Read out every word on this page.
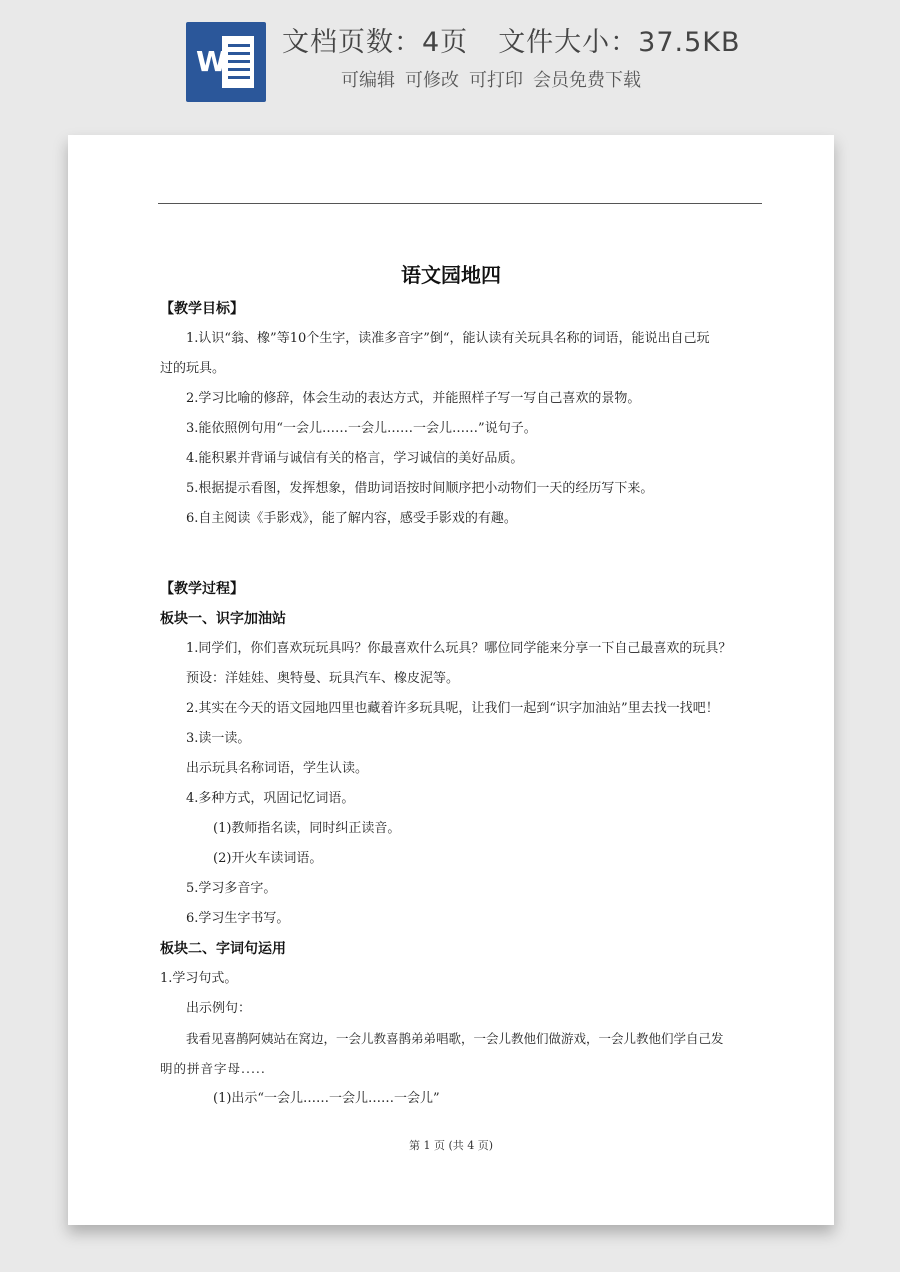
W
文档页数：4页 文件大小：37.5KB
可编辑 可修改 可打印 会员免费下载
语文园地四
【教学目标】
1.认识“翁、橡”等10个生字，读准多音字”倒“，能认读有关玩具名称的词语，能说出自己玩
过的玩具。
2.学习比喻的修辞，体会生动的表达方式，并能照样子写一写自己喜欢的景物。
3.能依照例句用“一会儿……一会儿……一会儿……”说句子。
4.能积累并背诵与诚信有关的格言，学习诚信的美好品质。
5.根据提示看图，发挥想象，借助词语按时间顺序把小动物们一天的经历写下来。
6.自主阅读《手影戏》，能了解内容，感受手影戏的有趣。
【教学过程】
板块一、识字加油站
1.同学们，你们喜欢玩玩具吗？你最喜欢什么玩具？哪位同学能来分享一下自己最喜欢的玩具？
预设：洋娃娃、奥特曼、玩具汽车、橡皮泥等。
2.其实在今天的语文园地四里也藏着许多玩具呢，让我们一起到“识字加油站”里去找一找吧！
3.读一读。
出示玩具名称词语，学生认读。
4.多种方式，巩固记忆词语。
(1)教师指名读，同时纠正读音。
(2)开火车读词语。
5.学习多音字。
6.学习生字书写。
板块二、字词句运用
1.学习句式。
出示例句：
我看见喜鹊阿姨站在窝边，一会儿教喜鹊弟弟唱歌，一会儿教他们做游戏，一会儿教他们学自己发
明的拼音字母.....
(1)出示“一会儿……一会儿……一会儿”
第 1 页 (共 4 页)
